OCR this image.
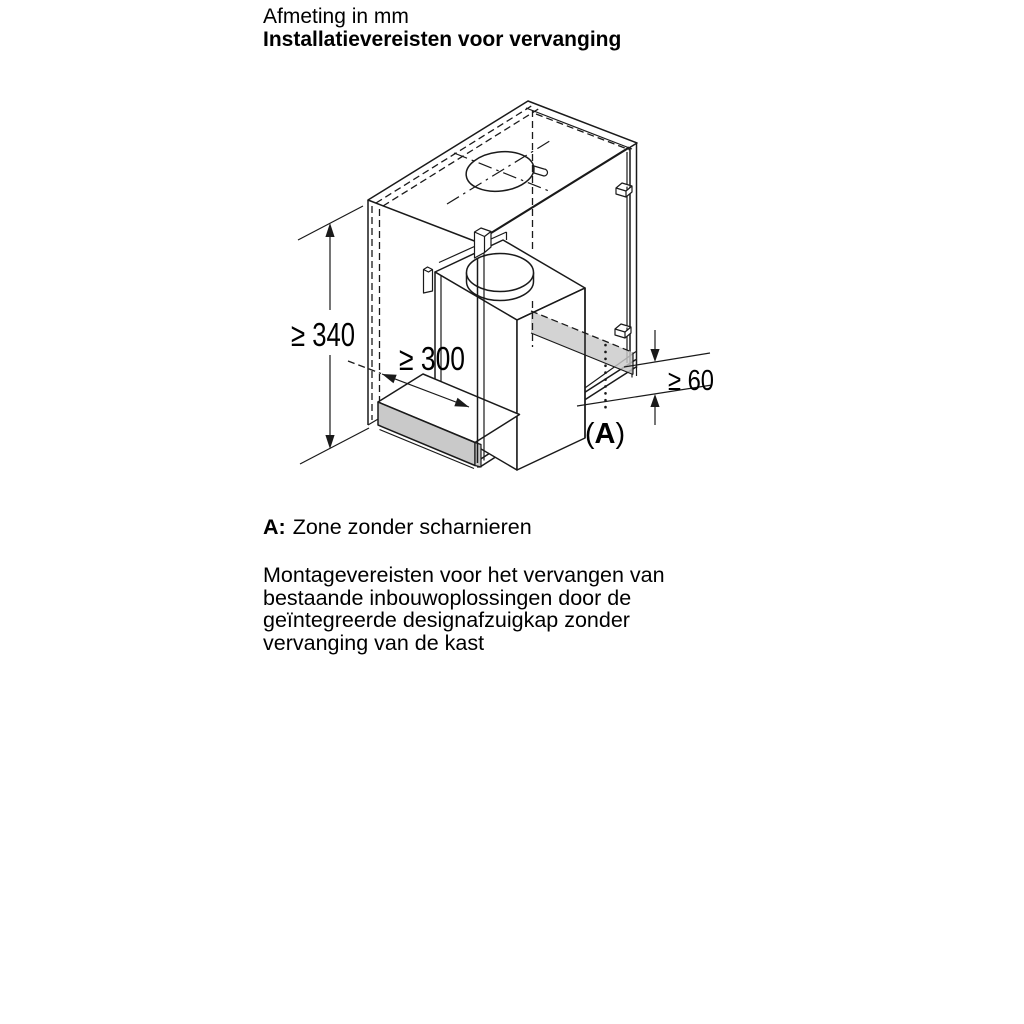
≥ 340
≥ 300
≥ 60
(A)
Afmeting in mm
Installatievereisten voor vervanging
A: Zone zonder scharnieren
Montagevereisten voor het vervangen van
bestaande inbouwoplossingen door de
geïntegreerde designafzuigkap zonder
vervanging van de kast
